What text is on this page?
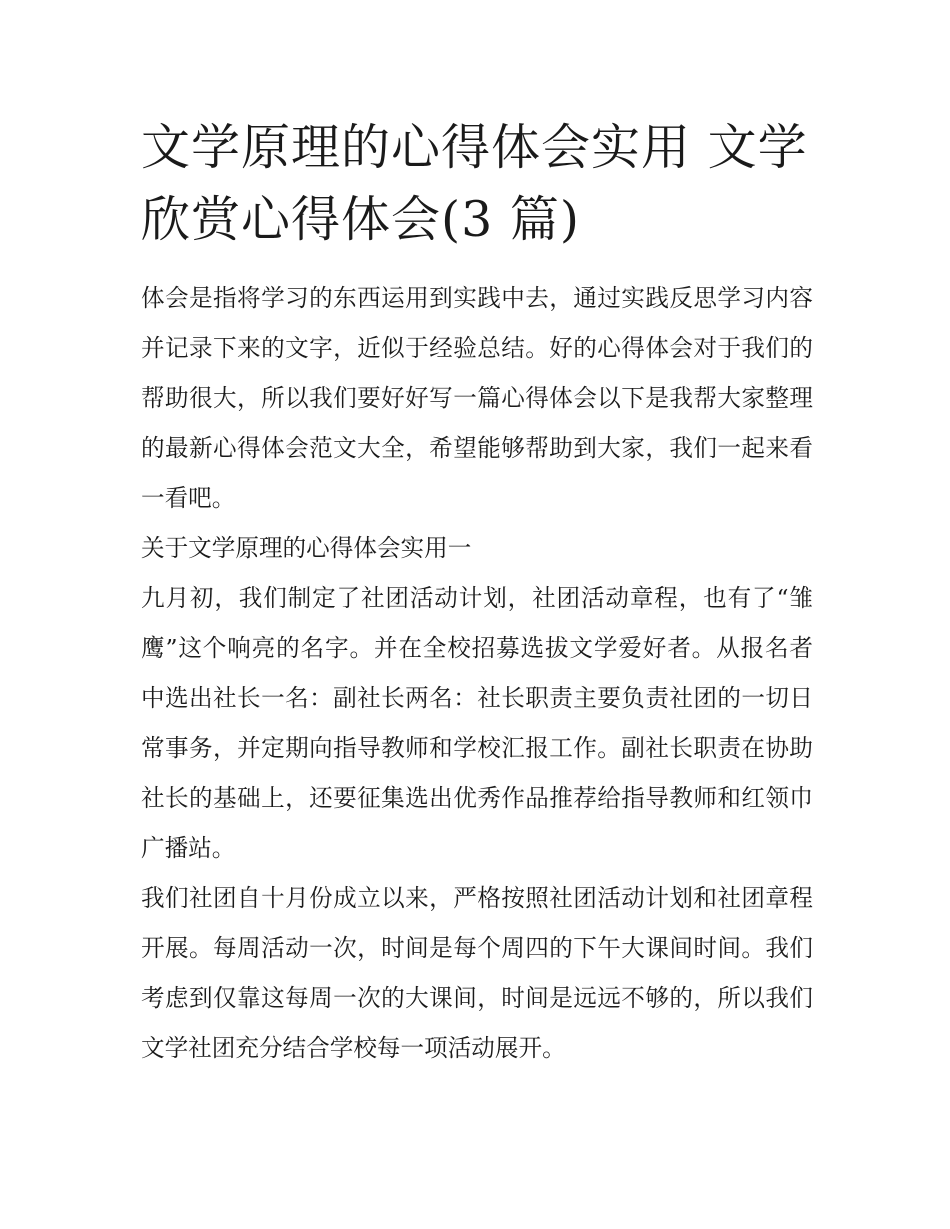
文学原理的心得体会实用 文学欣赏心得体会(3 篇)

体会是指将学习的东西运用到实践中去，通过实践反思学习内容并记录下来的文字，近似于经验总结。好的心得体会对于我们的帮助很大，所以我们要好好写一篇心得体会以下是我帮大家整理的最新心得体会范文大全，希望能够帮助到大家，我们一起来看一看吧。

关于文学原理的心得体会实用一

九月初，我们制定了社团活动计划，社团活动章程，也有了“雏鹰”这个响亮的名字。并在全校招募选拔文学爱好者。从报名者中选出社长一名：副社长两名：社长职责主要负责社团的一切日常事务，并定期向指导教师和学校汇报工作。副社长职责在协助社长的基础上，还要征集选出优秀作品推荐给指导教师和红领巾广播站。

我们社团自十月份成立以来，严格按照社团活动计划和社团章程开展。每周活动一次，时间是每个周四的下午大课间时间。我们考虑到仅靠这每周一次的大课间，时间是远远不够的，所以我们文学社团充分结合学校每一项活动展开。
